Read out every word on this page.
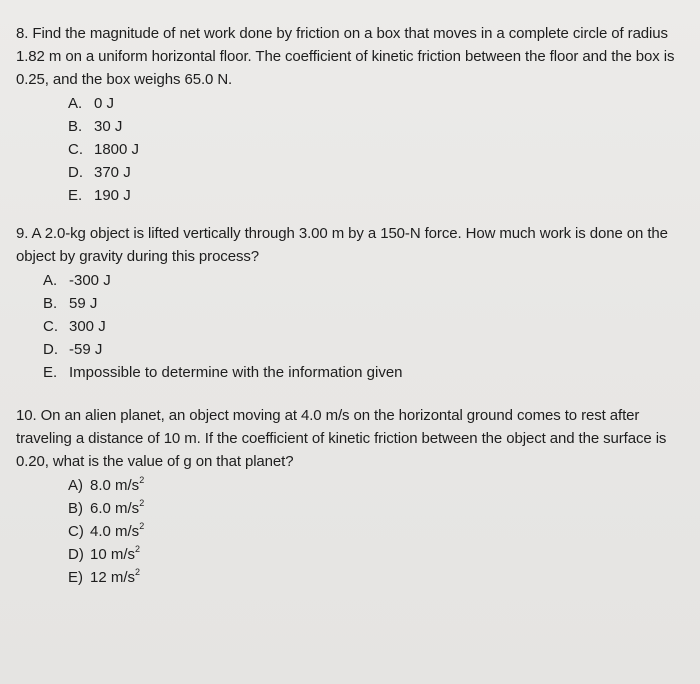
8. Find the magnitude of net work done by friction on a box that moves in a complete circle of radius 1.82 m on a uniform horizontal floor. The coefficient of kinetic friction between the floor and the box is 0.25, and the box weighs 65.0 N.
A. 0 J
B. 30 J
C. 1800 J
D. 370 J
E. 190 J
9. A 2.0-kg object is lifted vertically through 3.00 m by a 150-N force. How much work is done on the object by gravity during this process?
A. -300 J
B. 59 J
C. 300 J
D. -59 J
E. Impossible to determine with the information given
10. On an alien planet, an object moving at 4.0 m/s on the horizontal ground comes to rest after traveling a distance of 10 m. If the coefficient of kinetic friction between the object and the surface is 0.20, what is the value of g on that planet?
A) 8.0 $m/s^2$
B) 6.0 $m/s^2$
C) 4.0 $m/s^2$
D) 10 $m/s^2$
E) 12 $m/s^2$
